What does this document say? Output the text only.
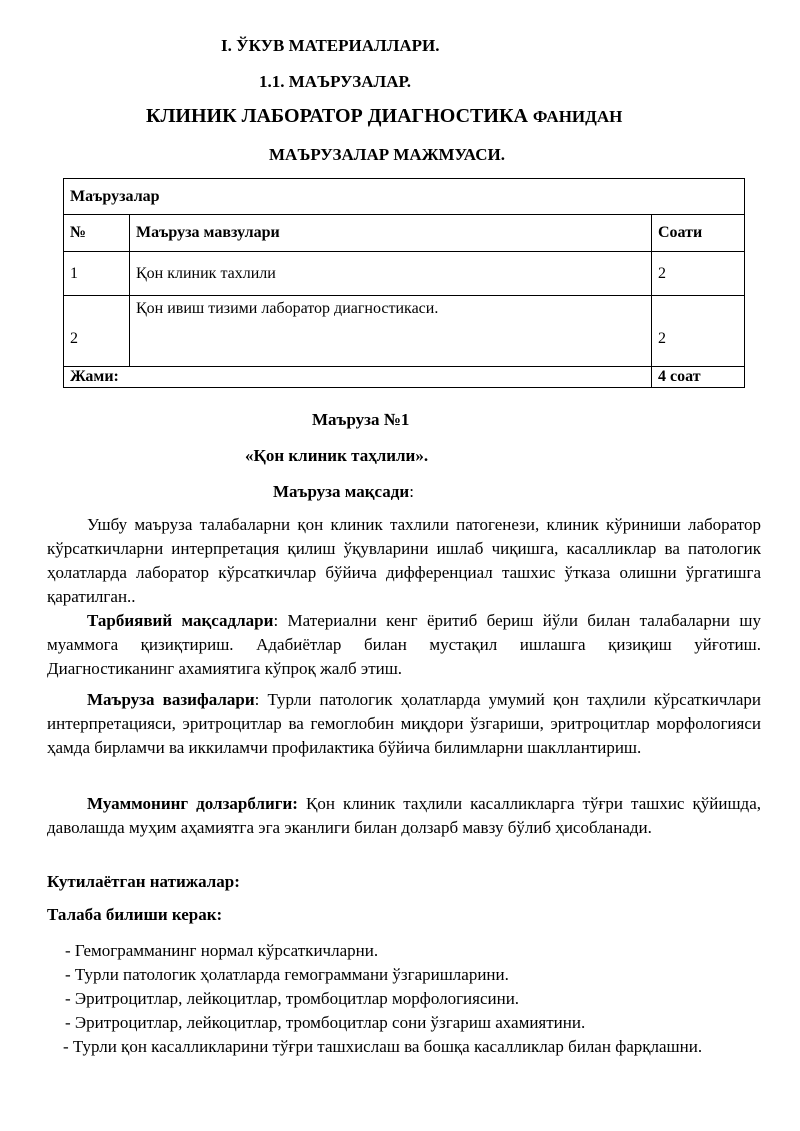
I. ЎКУВ МАТЕРИАЛЛАРИ.
1.1. МАЪРУЗАЛАР.
КЛИНИК ЛАБОРАТОР ДИАГНОСТИКА ФАНИДАН
МАЪРУЗАЛАР МАЖМУАСИ.
Маърузалар		
№	Маъруза мавзулари	Соати
1	Қон клиник тахлили	2
2	Қон ивиш тизими лаборатор диагностикаси.	2
Жами:		4 соат
Маъруза №1
«Қон клиник таҳлили».
Маъруза мақсади:
Ушбу маъруза талабаларни қон клиник тахлили патогенези, клиник кўриниши лаборатор кўрсаткичларни интерпретация қилиш ўқувларини ишлаб чиқишга, касалликлар ва патологик ҳолатларда лаборатор кўрсаткичлар бўйича дифференциал ташхис ўтказа олишни ўргатишга қаратилган..
Тарбиявий мақсадлари: Материални кенг ёритиб бериш йўли билан талабаларни шу муаммога қизиқтириш. Адабиётлар билан мустақил ишлашга қизиқиш уйғотиш. Диагностиканинг ахамиятига кўпроқ жалб этиш.
Маъруза вазифалари: Турли патологик ҳолатларда умумий қон таҳлили кўрсаткичлари интерпретацияси, эритроцитлар ва гемоглобин миқдори ўзгариши, эритроцитлар морфологияси ҳамда бирламчи ва иккиламчи профилактика бўйича билимларни шакллантириш.
Муаммонинг долзарблиги: Қон клиник таҳлили касалликларга тўғри ташхис қўйишда, даволашда муҳим аҳамиятга эга эканлиги билан долзарб мавзу бўлиб ҳисобланади.
Кутилаётган натижалар:
Талаба билиши керак:
- Гемограмманинг нормал кўрсаткичларни.
- Турли патологик ҳолатларда гемограммани ўзгаришларини.
- Эритроцитлар, лейкоцитлар, тромбоцитлар морфологиясини.
- Эритроцитлар, лейкоцитлар, тромбоцитлар сони ўзгариш ахамиятини.
- Турли қон касалликларини тўғри ташхислаш ва бошқа касалликлар билан фарқлашни.
